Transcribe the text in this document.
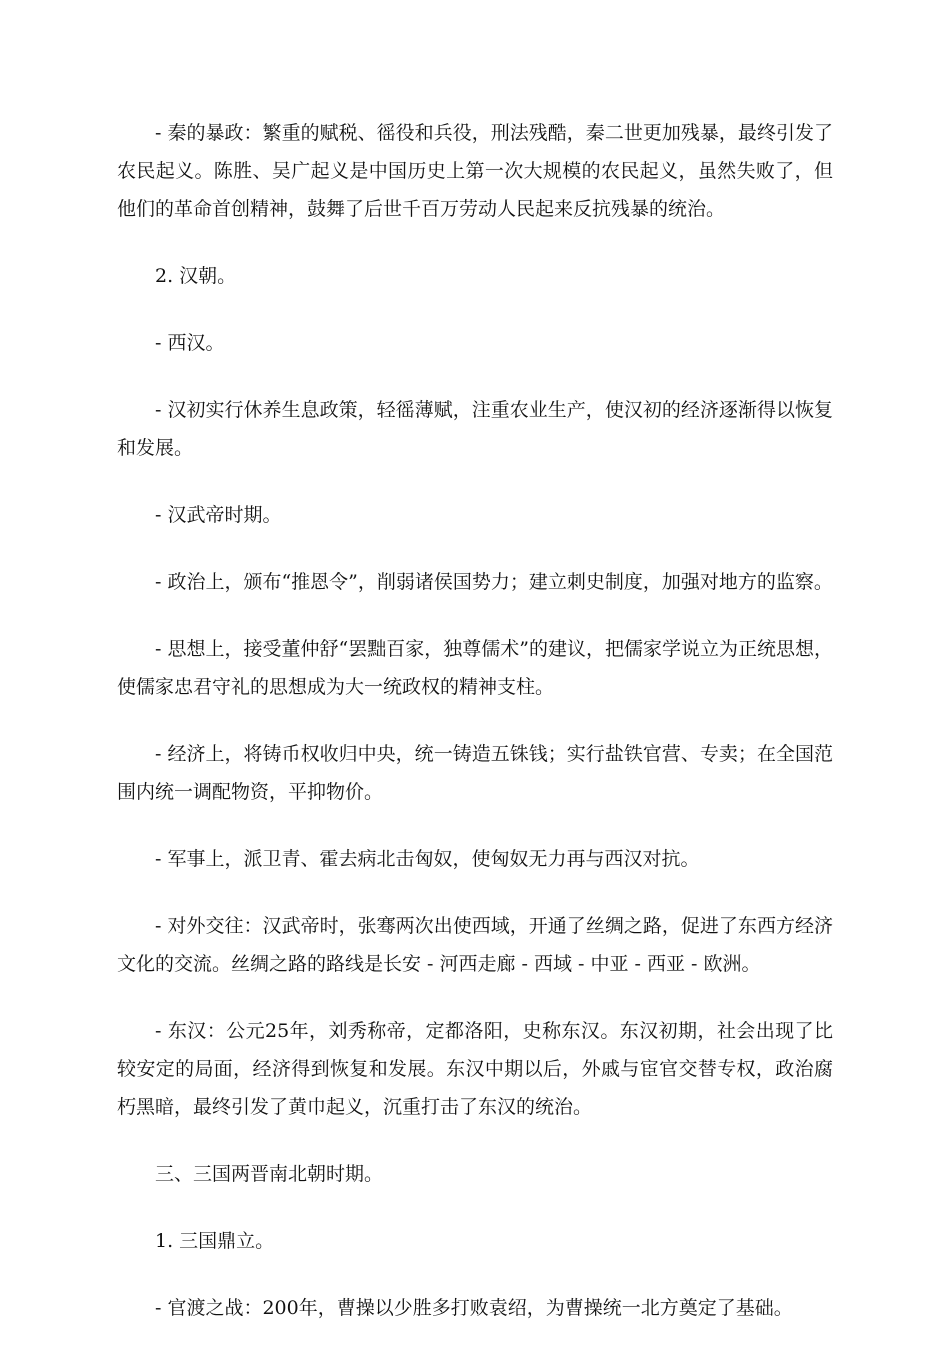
- 秦的暴政：繁重的赋税、徭役和兵役，刑法残酷，秦二世更加残暴，最终引发了农民起义。陈胜、吴广起义是中国历史上第一次大规模的农民起义，虽然失败了，但他们的革命首创精神，鼓舞了后世千百万劳动人民起来反抗残暴的统治。

2. 汉朝。

- 西汉。

- 汉初实行休养生息政策，轻徭薄赋，注重农业生产，使汉初的经济逐渐得以恢复和发展。

- 汉武帝时期。

- 政治上，颁布“推恩令”，削弱诸侯国势力；建立刺史制度，加强对地方的监察。

- 思想上，接受董仲舒“罢黜百家，独尊儒术”的建议，把儒家学说立为正统思想，使儒家忠君守礼的思想成为大一统政权的精神支柱。

- 经济上，将铸币权收归中央，统一铸造五铢钱；实行盐铁官营、专卖；在全国范围内统一调配物资，平抑物价。

- 军事上，派卫青、霍去病北击匈奴，使匈奴无力再与西汉对抗。

- 对外交往：汉武帝时，张骞两次出使西域，开通了丝绸之路，促进了东西方经济文化的交流。丝绸之路的路线是长安 - 河西走廊 - 西域 - 中亚 - 西亚 - 欧洲。

- 东汉：公元25年，刘秀称帝，定都洛阳，史称东汉。东汉初期，社会出现了比较安定的局面，经济得到恢复和发展。东汉中期以后，外戚与宦官交替专权，政治腐朽黑暗，最终引发了黄巾起义，沉重打击了东汉的统治。

三、三国两晋南北朝时期。

1. 三国鼎立。

- 官渡之战：200年，曹操以少胜多打败袁绍，为曹操统一北方奠定了基础。
